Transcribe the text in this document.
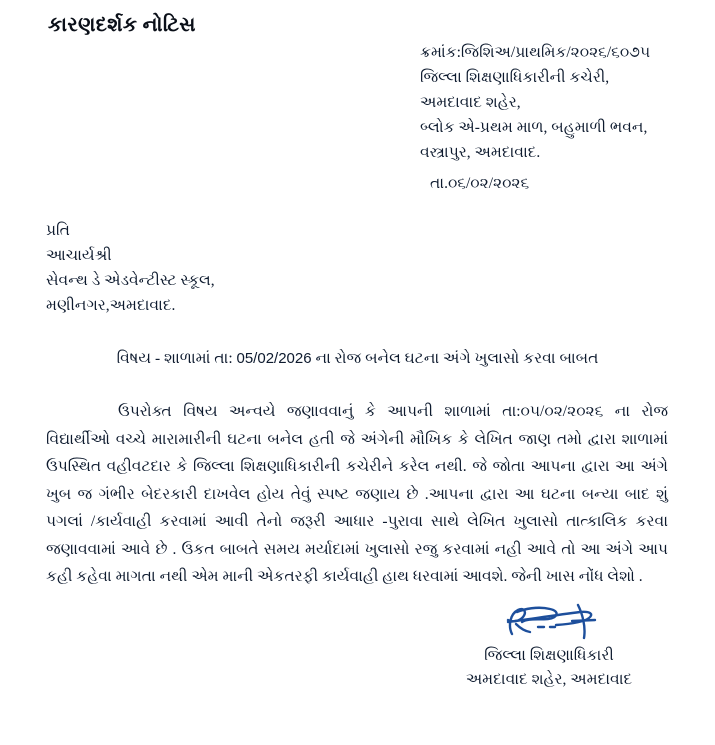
કારણદર્શક નોટિસ
ક્રમાંક:જિશિઅ/પ્રાથમિક/૨૦૨૬/૬૦૭૫
જિલ્લા શિક્ષણાધિકારીની કચેરી,
અમદાવાદ શહેર,
બ્લોક એ-પ્રથમ માળ, બહુમાળી ભવન,
વસ્ત્રાપુર, અમદાવાદ.
તા.૦૬/૦૨/૨૦૨૬
પ્રતિ
આચાર્યશ્રી
સેવન્થ ડે એડવેન્ટીસ્ટ સ્કૂલ,
મણીનગર,અમદાવાદ.
વિષય - શાળામાં તા: 05/02/2026 ના રોજ બનેલ ઘટના અંગે ખુલાસો કરવા બાબત

ઉપરોક્ત વિષય અન્વયે જણાવવાનું કે આપની શાળામાં તા:૦૫/૦૨/૨૦૨૬ ના રોજ વિદ્યાર્થીઓ વચ્ચે મારામારીની ઘટના બનેલ હતી જે અંગેની મૌખિક કે લેખિત જાણ તમો દ્વારા શાળામાં ઉપસ્થિત વહીવટદાર કે જિલ્લા શિક્ષણાધિકારીની કચેરીને કરેલ નથી. જે જોતા આપના દ્વારા આ અંગે ખુબ જ ગંભીર બેદરકારી દાખવેલ હોય તેવું સ્પષ્ટ જણાય છે .આપના દ્વારા આ ઘટના બન્યા બાદ શું પગલાં /કાર્યવાહી કરવામાં આવી તેનો જરૂરી આધાર -પુરાવા સાથે લેખિત ખુલાસો તાત્કાલિક કરવા જણાવવામાં આવે છે . ઉકત બાબતે સમય મર્યાદામાં ખુલાસો રજુ કરવામાં નહી આવે તો આ અંગે આપ કહી કહેવા માગતા નથી એમ માની એકતરફી કાર્યવાહી હાથ ધરવામાં આવશે. જેની ખાસ નોંધ લેશો .

જિલ્લા શિક્ષણાધિકારી
અમદાવાદ શહેર, અમદાવાદ
